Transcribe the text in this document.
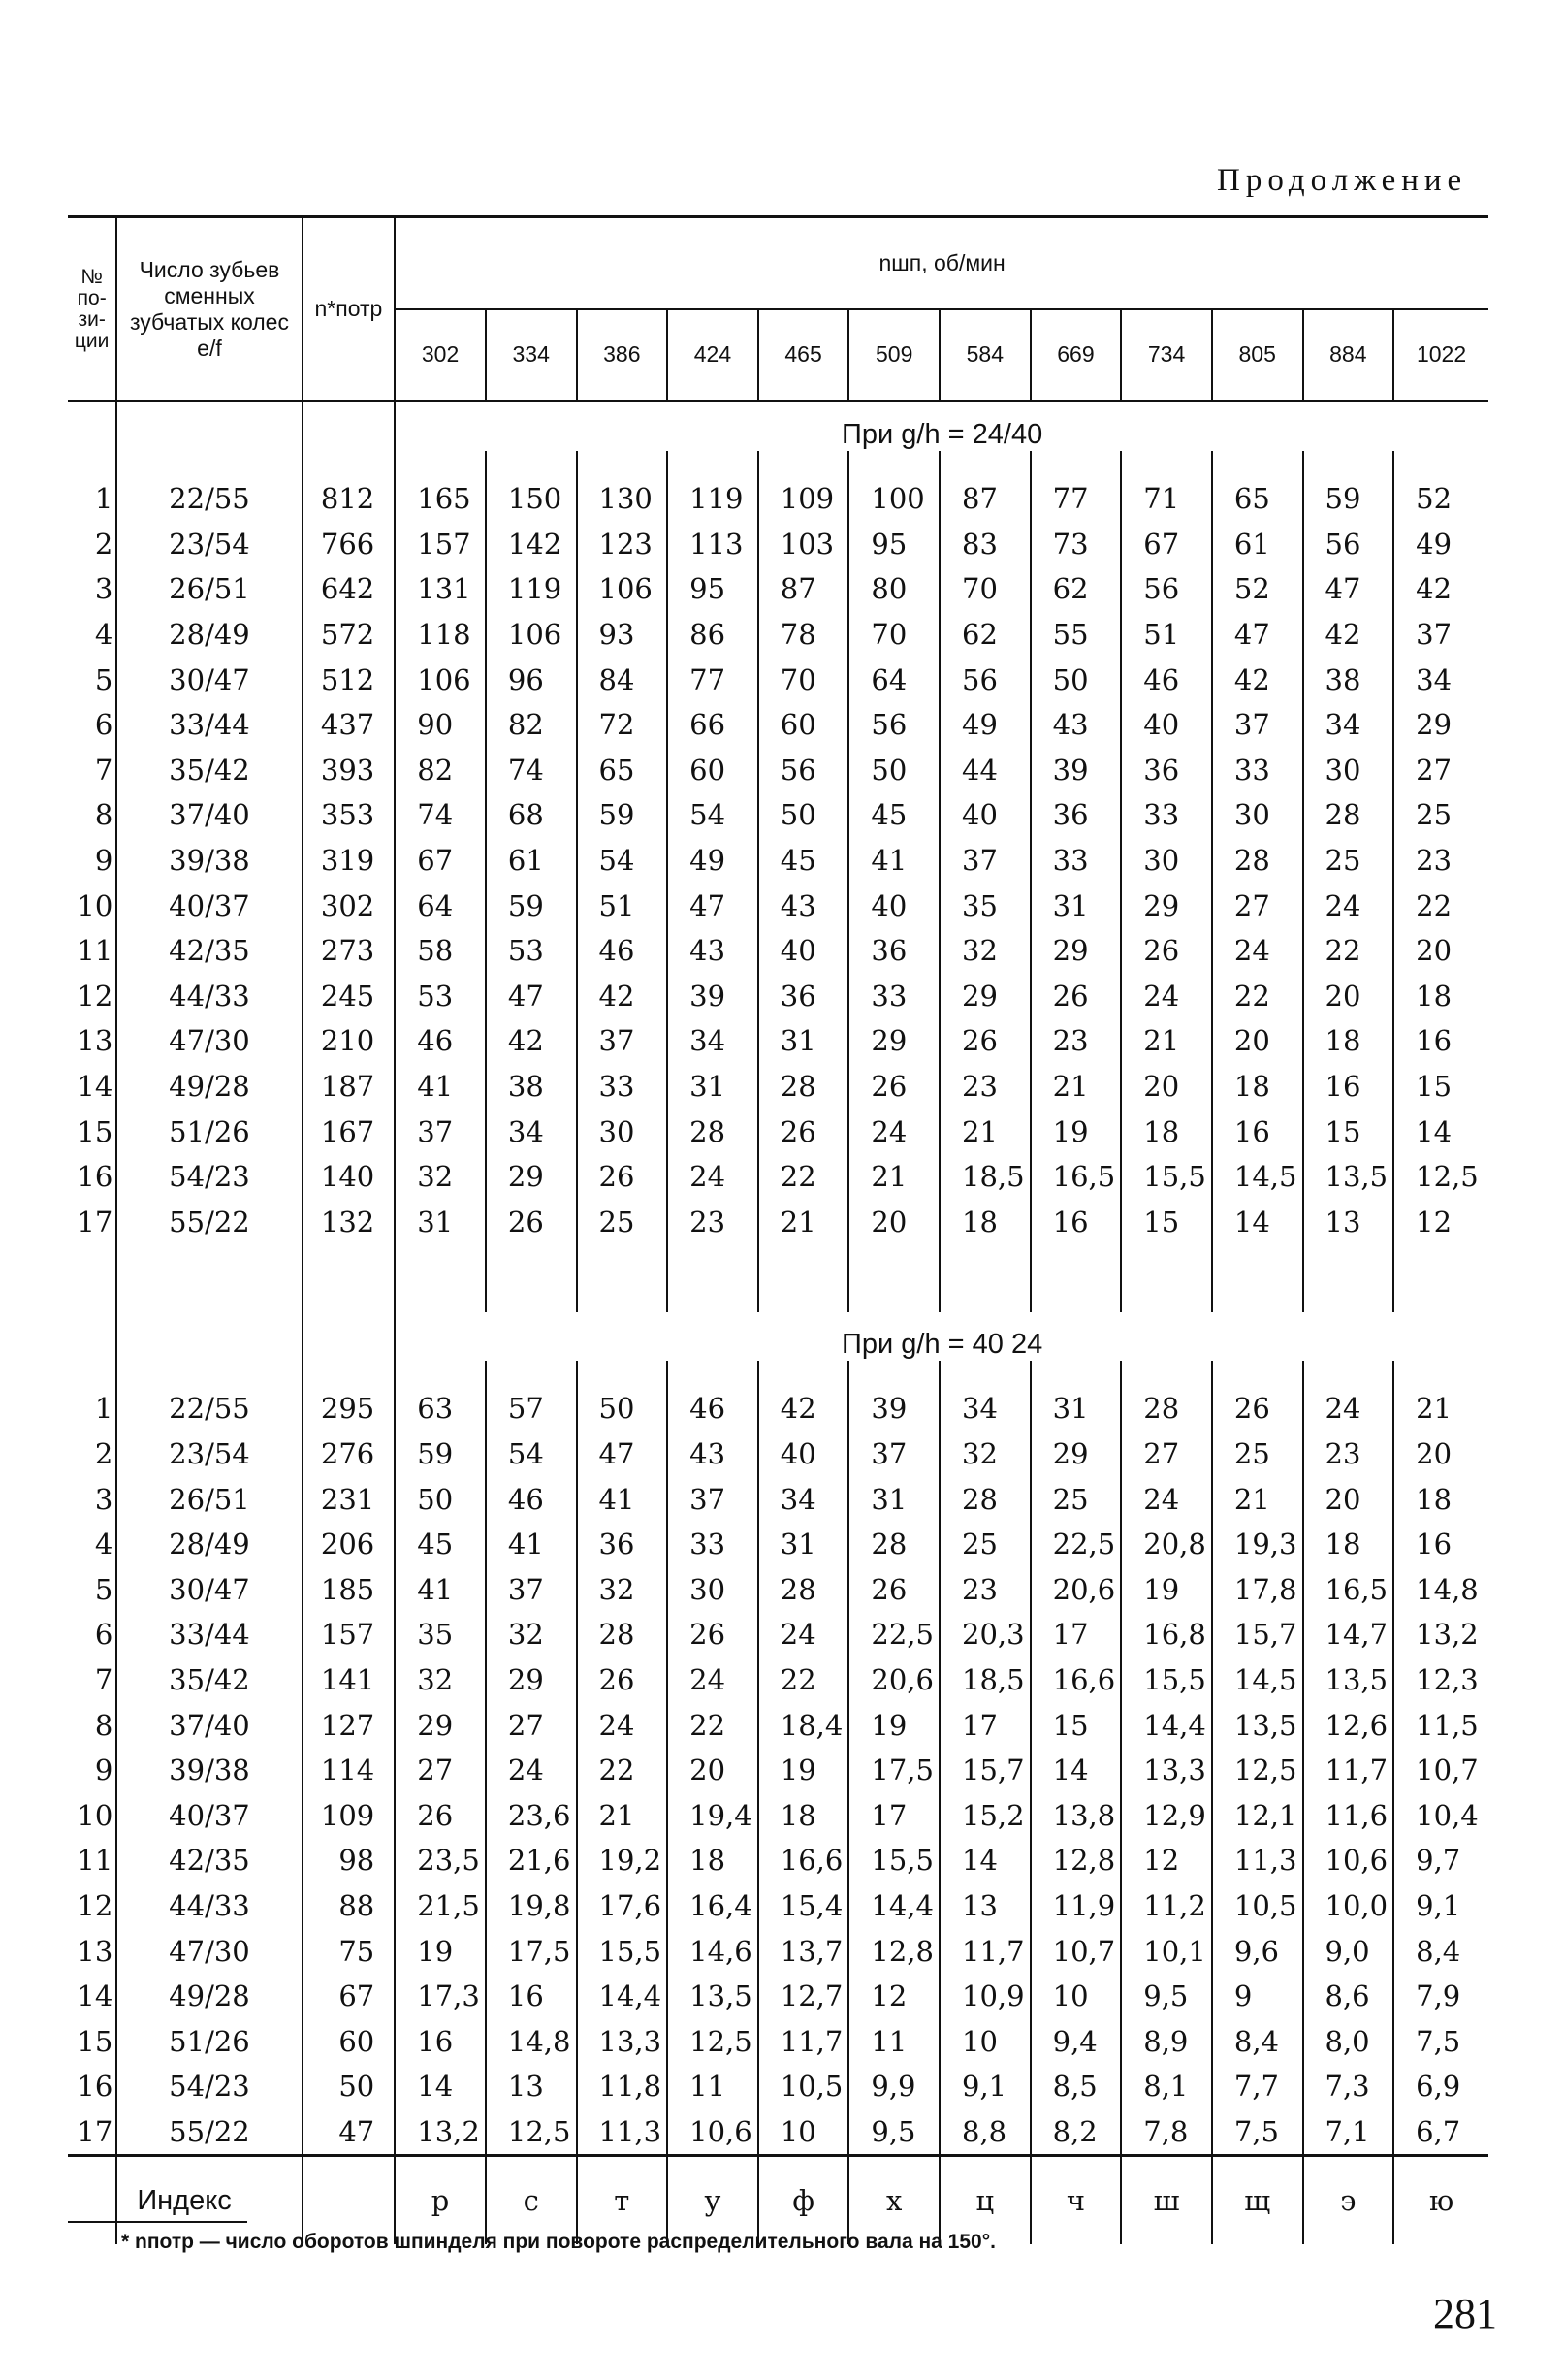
Продолжение
№ позиции	Число зубьев сменных зубчатых колес e/f	n*потр	nшп, об/мин											
			302	334	386	424	465	509	584	669	734	805	884	1022
			При g/h = 24/40											

1	22/55	812	165	150	130	119	109	100	87	77	71	65	59	52
2	23/54	766	157	142	123	113	103	95	83	73	67	61	56	49
3	26/51	642	131	119	106	95	87	80	70	62	56	52	47	42
4	28/49	572	118	106	93	86	78	70	62	55	51	47	42	37
5	30/47	512	106	96	84	77	70	64	56	50	46	42	38	34
6	33/44	437	90	82	72	66	60	56	49	43	40	37	34	29
7	35/42	393	82	74	65	60	56	50	44	39	36	33	30	27
8	37/40	353	74	68	59	54	50	45	40	36	33	30	28	25
9	39/38	319	67	61	54	49	45	41	37	33	30	28	25	23
10	40/37	302	64	59	51	47	43	40	35	31	29	27	24	22
11	42/35	273	58	53	46	43	40	36	32	29	26	24	22	20
12	44/33	245	53	47	42	39	36	33	29	26	24	22	20	18
13	47/30	210	46	42	37	34	31	29	26	23	21	20	18	16
14	49/28	187	41	38	33	31	28	26	23	21	20	18	16	15
15	51/26	167	37	34	30	28	26	24	21	19	18	16	15	14
16	54/23	140	32	29	26	24	22	21	18,5	16,5	15,5	14,5	13,5	12,5
17	55/22	132	31	26	25	23	21	20	18	16	15	14	13	12

			При g/h = 40 24											

1	22/55	295	63	57	50	46	42	39	34	31	28	26	24	21
2	23/54	276	59	54	47	43	40	37	32	29	27	25	23	20
3	26/51	231	50	46	41	37	34	31	28	25	24	21	20	18
4	28/49	206	45	41	36	33	31	28	25	22,5	20,8	19,3	18	16
5	30/47	185	41	37	32	30	28	26	23	20,6	19	17,8	16,5	14,8
6	33/44	157	35	32	28	26	24	22,5	20,3	17	16,8	15,7	14,7	13,2
7	35/42	141	32	29	26	24	22	20,6	18,5	16,6	15,5	14,5	13,5	12,3
8	37/40	127	29	27	24	22	18,4	19	17	15	14,4	13,5	12,6	11,5
9	39/38	114	27	24	22	20	19	17,5	15,7	14	13,3	12,5	11,7	10,7
10	40/37	109	26	23,6	21	19,4	18	17	15,2	13,8	12,9	12,1	11,6	10,4
11	42/35	98	23,5	21,6	19,2	18	16,6	15,5	14	12,8	12	11,3	10,6	9,7
12	44/33	88	21,5	19,8	17,6	16,4	15,4	14,4	13	11,9	11,2	10,5	10,0	9,1
13	47/30	75	19	17,5	15,5	14,6	13,7	12,8	11,7	10,7	10,1	9,6	9,0	8,4
14	49/28	67	17,3	16	14,4	13,5	12,7	12	10,9	10	9,5	9	8,6	7,9
15	51/26	60	16	14,8	13,3	12,5	11,7	11	10	9,4	8,9	8,4	8,0	7,5
16	54/23	50	14	13	11,8	11	10,5	9,9	9,1	8,5	8,1	7,7	7,3	6,9
17	55/22	47	13,2	12,5	11,3	10,6	10	9,5	8,8	8,2	7,8	7,5	7,1	6,7
	Индекс		р	с	т	у	ф	х	ц	ч	ш	щ	э	ю
* nпотр — число оборотов шпинделя при повороте распределительного вала на 150°.
281
